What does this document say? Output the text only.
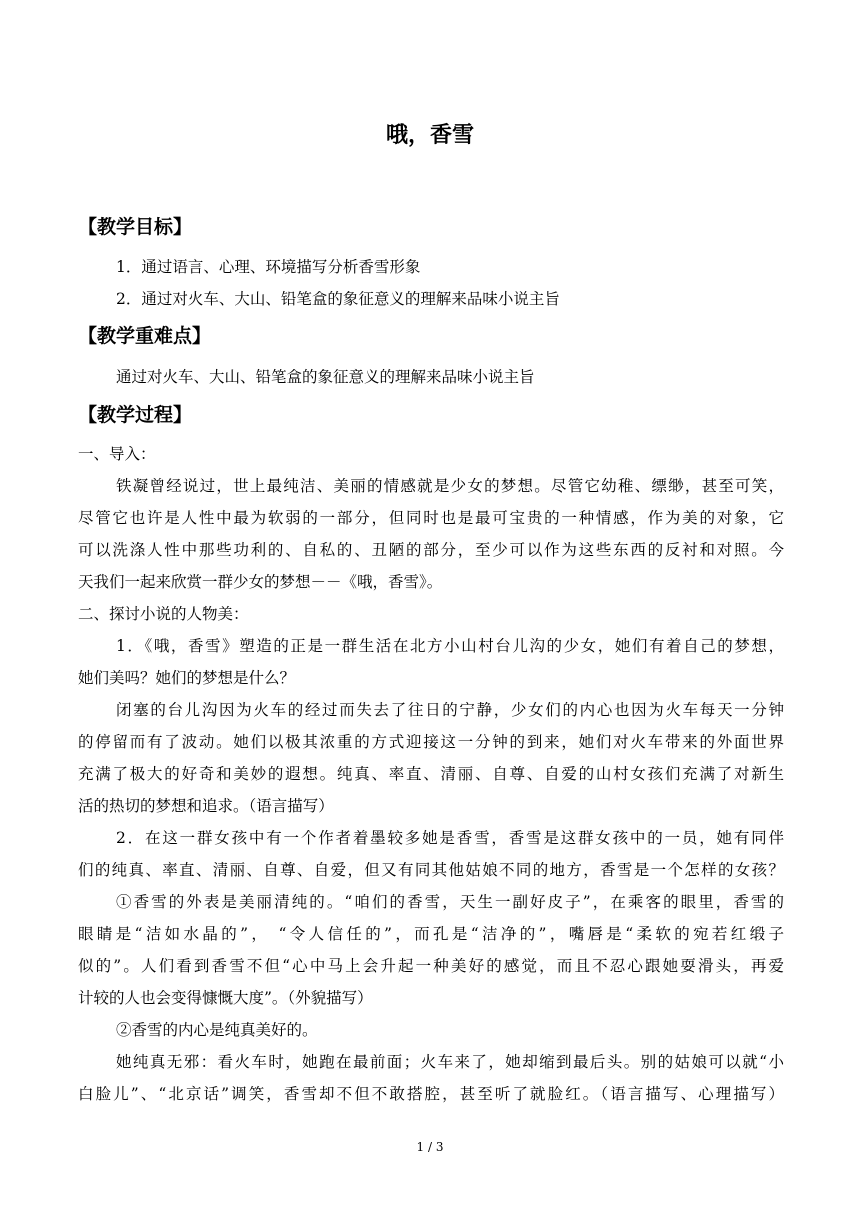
哦，香雪
【教学目标】
1．通过语言、心理、环境描写分析香雪形象
2．通过对火车、大山、铅笔盒的象征意义的理解来品味小说主旨
【教学重难点】
通过对火车、大山、铅笔盒的象征意义的理解来品味小说主旨
【教学过程】
一、导入：
铁凝曾经说过，世上最纯洁、美丽的情感就是少女的梦想。尽管它幼稚、缥缈，甚至可笑，
尽管它也许是人性中最为软弱的一部分，但同时也是最可宝贵的一种情感，作为美的对象，它
可以洗涤人性中那些功利的、自私的、丑陋的部分，至少可以作为这些东西的反衬和对照。今
天我们一起来欣赏一群少女的梦想－－《哦，香雪》。
二、探讨小说的人物美：
1．《哦，香雪》塑造的正是一群生活在北方小山村台儿沟的少女，她们有着自己的梦想，
她们美吗？她们的梦想是什么？
闭塞的台儿沟因为火车的经过而失去了往日的宁静，少女们的内心也因为火车每天一分钟
的停留而有了波动。她们以极其浓重的方式迎接这一分钟的到来，她们对火车带来的外面世界
充满了极大的好奇和美妙的遐想。纯真、率直、清丽、自尊、自爱的山村女孩们充满了对新生
活的热切的梦想和追求。（语言描写）
2．在这一群女孩中有一个作者着墨较多她是香雪，香雪是这群女孩中的一员，她有同伴
们的纯真、率直、清丽、自尊、自爱，但又有同其他姑娘不同的地方，香雪是一个怎样的女孩？
①香雪的外表是美丽清纯的。“咱们的香雪，天生一副好皮子”，在乘客的眼里，香雪的
眼睛是“洁如水晶的”， “令人信任的”，而孔是“洁净的”，嘴唇是“柔软的宛若红缎子
似的”。人们看到香雪不但“心中马上会升起一种美好的感觉，而且不忍心跟她耍滑头，再爱
计较的人也会变得慷慨大度”。（外貌描写）
②香雪的内心是纯真美好的。
她纯真无邪：看火车时，她跑在最前面；火车来了，她却缩到最后头。别的姑娘可以就“小
白脸儿”、“北京话”调笑，香雪却不但不敢搭腔，甚至听了就脸红。（语言描写、心理描写）
1 / 3
